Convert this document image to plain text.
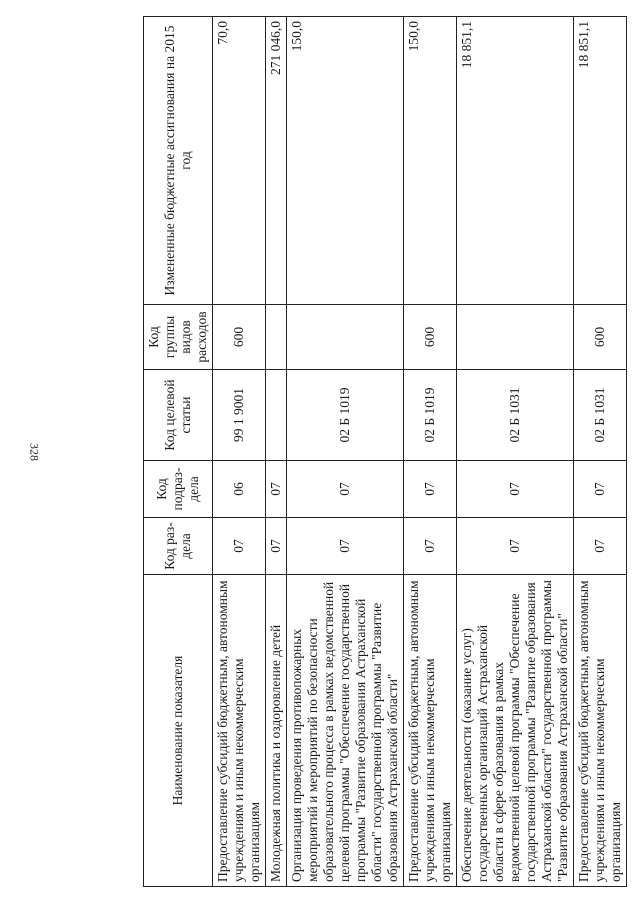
328
Наименование показателя	Код раз-дела	Код подраз-дела	Код целевой статьи	Код группы видов расходов	Измененные бюджетные ассигнования на 2015 год
Предоставление субсидий бюджетным, автономным учреждениям и иным некоммерческим организациям	07	06	99 1 9001	600	70,0
Молодежная политика и оздоровление детей	07	07			271 046,0
Организация проведения противопожарных мероприятий и мероприятий по безопасности образовательного процесса в рамках ведомственной целевой программы "Обеспечение государственной программы "Развитие образования Астраханской области" государственной программы "Развитие образования Астраханской области"	07	07	02 Б 1019		150,0
Предоставление субсидий бюджетным, автономным учреждениям и иным некоммерческим организациям	07	07	02 Б 1019	600	150,0
Обеспечение деятельности (оказание услуг) государственных организаций Астраханской области в сфере образования в рамках ведомственной целевой программы "Обеспечение государственной программы "Развитие образования Астраханской области" государственной программы "Развитие образования Астраханской области"	07	07	02 Б 1031		18 851,1
Предоставление субсидий бюджетным, автономным учреждениям и иным некоммерческим организациям	07	07	02 Б 1031	600	18 851,1
